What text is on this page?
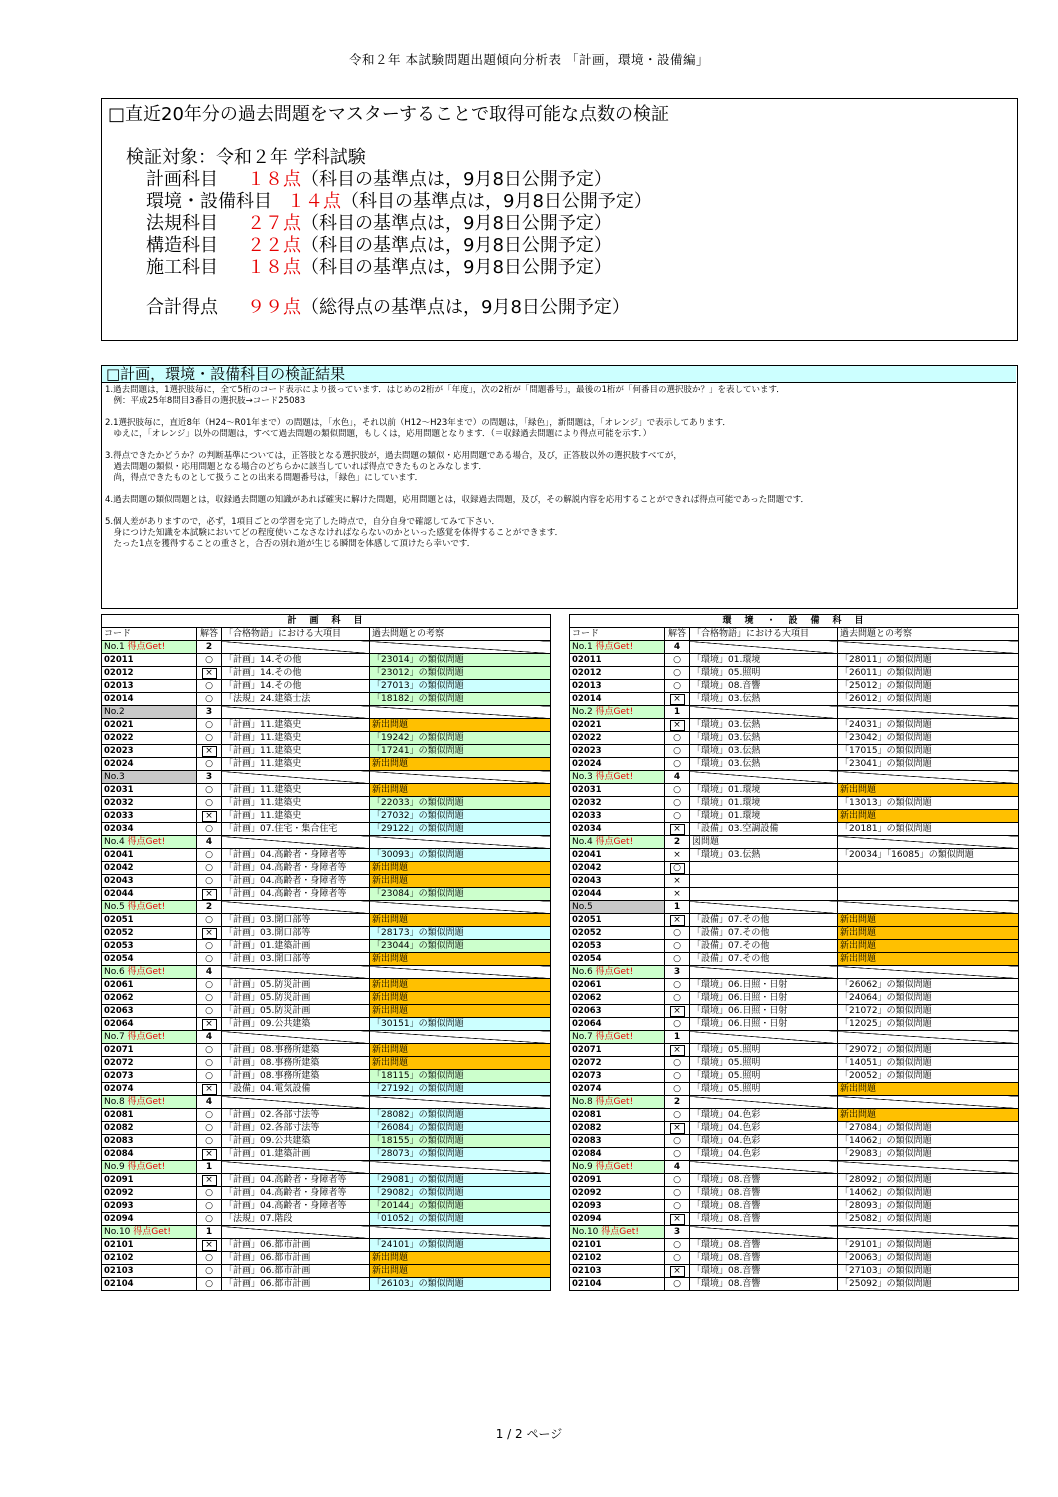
令和２年 本試験問題出題傾向分析表 「計画，環境・設備編」
□直近20年分の過去問題をマスターすることで取得可能な点数の検証
検証対象：令和２年 学科試験
計画科目 １８点（科目の基準点は，9月8日公開予定）
環境・設備科目 １４点（科目の基準点は，9月8日公開予定）
法規科目 ２７点（科目の基準点は，9月8日公開予定）
構造科目 ２２点（科目の基準点は，9月8日公開予定）
施工科目 １８点（科目の基準点は，9月8日公開予定）
合計得点 ９９点（総得点の基準点は，9月8日公開予定）
□計画，環境・設備科目の検証結果
1.過去問題は，1選択肢毎に，全て5桁のコード表示により扱っています．はじめの2桁が「年度」，次の2桁が「問題番号」，最後の1桁が「何番目の選択肢か？」を表しています．
　例：平成25年8問目3番目の選択肢→コード25083
2.1選択肢毎に，直近8年（H24～R01年まで）の問題は，「水色」，それ以前（H12～H23年まで）の問題は，「緑色」，新問題は，「オレンジ」で表示してあります．
　ゆえに，「オレンジ」以外の問題は，すべて過去問題の類似問題，もしくは，応用問題となります．（＝収録過去問題により得点可能を示す．）
3.得点できたかどうか？の判断基準については，正答肢となる選択肢が，過去問題の類似・応用問題である場合，及び，正答肢以外の選択肢すべてが，
　過去問題の類似・応用問題となる場合のどちらかに該当していれば得点できたものとみなします．
　尚，得点できたものとして扱うことの出来る問題番号は，「緑色」にしています．
4.過去問題の類似問題とは，収録過去問題の知識があれば確実に解けた問題，応用問題とは，収録過去問題，及び，その解説内容を応用することができれば得点可能であった問題です．
5.個人差がありますので，必ず，1項目ごとの学習を完了した時点で，自分自身で確認してみて下さい．
　身につけた知識を本試験においてどの程度使いこなさなければならないのかといった感覚を体得することができます．
　たった1点を獲得することの重さと，合否の別れ道が生じる瞬間を体感して頂けたら幸いです．
計　画　科　目			
コード	解答	「合格物語」における大項目	過去問題との考察
No.1 得点Get!	2		
02011	○	「計画」14.その他	「23014」の類似問題
02012	×	「計画」14.その他	「23012」の類似問題
02013	○	「計画」14.その他	「27013」の類似問題
02014	○	「法規」24.建築士法	「18182」の類似問題
No.2	3		
02021	○	「計画」11.建築史	新出問題
02022	○	「計画」11.建築史	「19242」の類似問題
02023	×	「計画」11.建築史	「17241」の類似問題
02024	○	「計画」11.建築史	新出問題
No.3	3		
02031	○	「計画」11.建築史	新出問題
02032	○	「計画」11.建築史	「22033」の類似問題
02033	×	「計画」11.建築史	「27032」の類似問題
02034	○	「計画」07.住宅・集合住宅	「29122」の類似問題
No.4 得点Get!	4		
02041	○	「計画」04.高齢者・身障者等	「30093」の類似問題
02042	○	「計画」04.高齢者・身障者等	新出問題
02043	○	「計画」04.高齢者・身障者等	新出問題
02044	×	「計画」04.高齢者・身障者等	「23084」の類似問題
No.5 得点Get!	2		
02051	○	「計画」03.開口部等	新出問題
02052	×	「計画」03.開口部等	「28173」の類似問題
02053	○	「計画」01.建築計画	「23044」の類似問題
02054	○	「計画」03.開口部等	新出問題
No.6 得点Get!	4		
02061	○	「計画」05.防災計画	新出問題
02062	○	「計画」05.防災計画	新出問題
02063	○	「計画」05.防災計画	新出問題
02064	×	「計画」09.公共建築	「30151」の類似問題
No.7 得点Get!	4		
02071	○	「計画」08.事務所建築	新出問題
02072	○	「計画」08.事務所建築	新出問題
02073	○	「計画」08.事務所建築	「18115」の類似問題
02074	×	「設備」04.電気設備	「27192」の類似問題
No.8 得点Get!	4		
02081	○	「計画」02.各部寸法等	「28082」の類似問題
02082	○	「計画」02.各部寸法等	「26084」の類似問題
02083	○	「計画」09.公共建築	「18155」の類似問題
02084	×	「計画」01.建築計画	「28073」の類似問題
No.9 得点Get!	1		
02091	×	「計画」04.高齢者・身障者等	「29081」の類似問題
02092	○	「計画」04.高齢者・身障者等	「29082」の類似問題
02093	○	「計画」04.高齢者・身障者等	「20144」の類似問題
02094	○	「法規」07.階段	「01052」の類似問題
No.10 得点Get!	1		
02101	×	「計画」06.都市計画	「24101」の類似問題
02102	○	「計画」06.都市計画	新出問題
02103	○	「計画」06.都市計画	新出問題
02104	○	「計画」06.都市計画	「26103」の類似問題
環　境　・　設　備　科　目			
コード	解答	「合格物語」における大項目	過去問題との考察
No.1 得点Get!	4		
02011	○	「環境」01.環境	「28011」の類似問題
02012	○	「環境」05.照明	「26011」の類似問題
02013	○	「環境」08.音響	「25012」の類似問題
02014	×	「環境」03.伝熱	「26012」の類似問題
No.2 得点Get!	1		
02021	×	「環境」03.伝熱	「24031」の類似問題
02022	○	「環境」03.伝熱	「23042」の類似問題
02023	○	「環境」03.伝熱	「17015」の類似問題
02024	○	「環境」03.伝熱	「23041」の類似問題
No.3 得点Get!	4		
02031	○	「環境」01.環境	新出問題
02032	○	「環境」01.環境	「13013」の類似問題
02033	○	「環境」01.環境	新出問題
02034	×	「設備」03.空調設備	「20181」の類似問題
No.4 得点Get!	2	図問題	
02041	×	「環境」03.伝熱	「20034」「16085」の類似問題
02042	○		
02043	×		
02044	×		
No.5	1		
02051	×	「設備」07.その他	新出問題
02052	○	「設備」07.その他	新出問題
02053	○	「設備」07.その他	新出問題
02054	○	「設備」07.その他	新出問題
No.6 得点Get!	3		
02061	○	「環境」06.日照・日射	「26062」の類似問題
02062	○	「環境」06.日照・日射	「24064」の類似問題
02063	×	「環境」06.日照・日射	「21072」の類似問題
02064	○	「環境」06.日照・日射	「12025」の類似問題
No.7 得点Get!	1		
02071	×	「環境」05.照明	「29072」の類似問題
02072	○	「環境」05.照明	「14051」の類似問題
02073	○	「環境」05.照明	「20052」の類似問題
02074	○	「環境」05.照明	新出問題
No.8 得点Get!	2		
02081	○	「環境」04.色彩	新出問題
02082	×	「環境」04.色彩	「27084」の類似問題
02083	○	「環境」04.色彩	「14062」の類似問題
02084	○	「環境」04.色彩	「29083」の類似問題
No.9 得点Get!	4		
02091	○	「環境」08.音響	「28092」の類似問題
02092	○	「環境」08.音響	「14062」の類似問題
02093	○	「環境」08.音響	「28093」の類似問題
02094	×	「環境」08.音響	「25082」の類似問題
No.10 得点Get!	3		
02101	○	「環境」08.音響	「29101」の類似問題
02102	○	「環境」08.音響	「20063」の類似問題
02103	×	「環境」08.音響	「27103」の類似問題
02104	○	「環境」08.音響	「25092」の類似問題
1 / 2 ページ
